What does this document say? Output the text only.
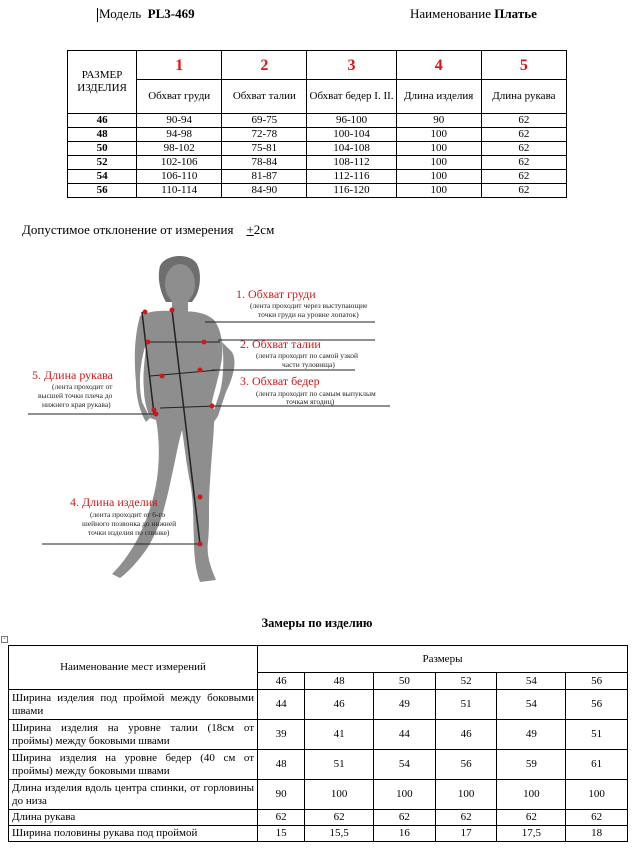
Модель PL3-469	Наименование Платье
РАЗМЕР ИЗДЕЛИЯ	1	2	3	4	5
	Обхват груди	Обхват талии	Обхват бедер I. II.	Длина изделия	Длина рукава
46	90-94	69-75	96-100	90	62
48	94-98	72-78	100-104	100	62
50	98-102	75-81	104-108	100	62
52	102-106	78-84	108-112	100	62
54	106-110	81-87	112-116	100	62
56	110-114	84-90	116-120	100	62
Допустимое отклонение от измерения +2см
1. Обхват груди
(лента проходит через выступающие
точки груди на уровне лопаток)
2. Обхват талии
(лента проходит по самой узкой
части туловища)
3. Обхват бедер
(лента проходит по самым выпуклым
точкам ягодиц)
5. Длина рукава
(лента проходит от
высшей точки плеча до
нижнего края рукава)
4. Длина изделия
(лента проходит от 6-го
шейного позвонка до нижней
точки изделия по спинке)
Замеры по изделию
+
Наименование мест измерений	Размеры					
	46	48	50	52	54	56
Ширина изделия под проймой между боковыми швами	44	46	49	51	54	56
Ширина изделия на уровне талии (18см от проймы) между боковыми швами	39	41	44	46	49	51
Ширина изделия на уровне бедер (40 см от проймы) между боковыми швами	48	51	54	56	59	61
Длина изделия вдоль центра спинки, от горловины до низа	90	100	100	100	100	100
Длина рукава	62	62	62	62	62	62
Ширина половины рукава под проймой	15	15,5	16	17	17,5	18
